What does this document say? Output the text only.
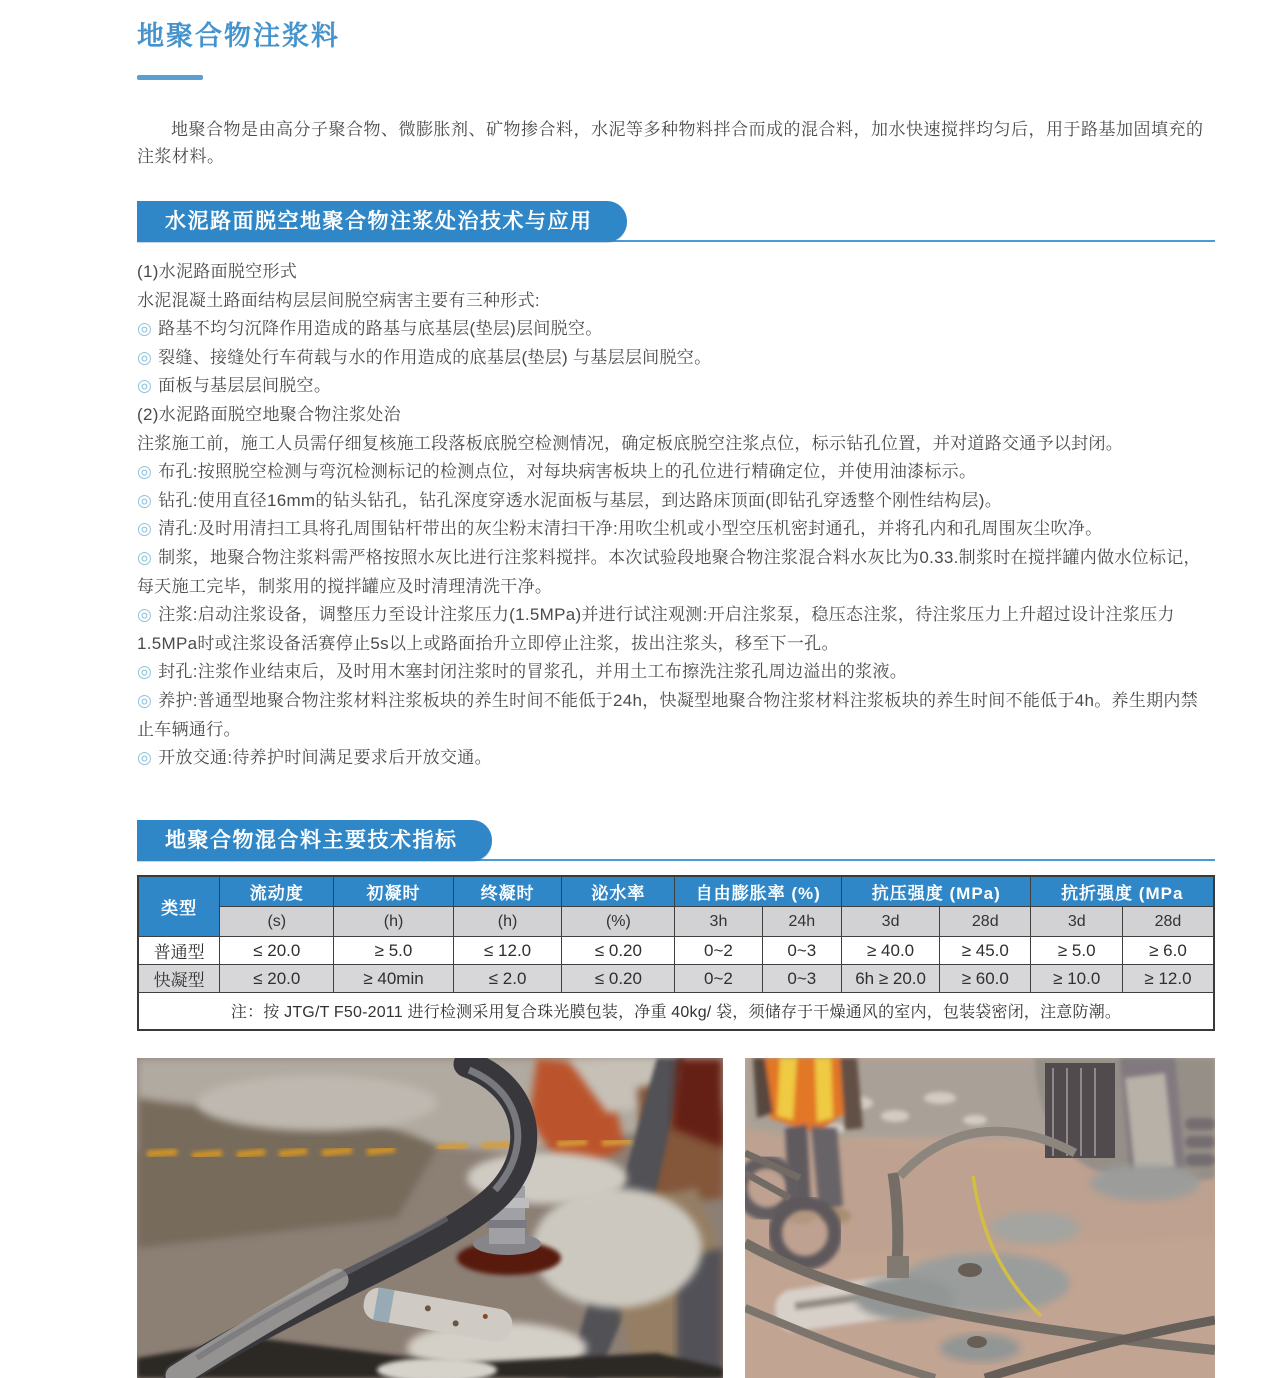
地聚合物注浆料
地聚合物是由高分子聚合物、微膨胀剂、矿物掺合料，水泥等多种物料拌合而成的混合料，加水快速搅拌均匀后，用于路基加固填充的注浆材料。
水泥路面脱空地聚合物注浆处治技术与应用
(1)水泥路面脱空形式
水泥混凝土路面结构层层间脱空病害主要有三种形式:
◎ 路基不均匀沉降作用造成的路基与底基层(垫层)层间脱空。
◎ 裂缝、接缝处行车荷载与水的作用造成的底基层(垫层) 与基层层间脱空。
◎ 面板与基层层间脱空。
(2)水泥路面脱空地聚合物注浆处治
注浆施工前，施工人员需仔细复核施工段落板底脱空检测情况，确定板底脱空注浆点位，标示钻孔位置，并对道路交通予以封闭。
◎ 布孔:按照脱空检测与弯沉检测标记的检测点位，对每块病害板块上的孔位进行精确定位，并使用油漆标示。
◎ 钻孔:使用直径16mm的钻头钻孔，钻孔深度穿透水泥面板与基层，到达路床顶面(即钻孔穿透整个刚性结构层)。
◎ 清孔:及时用清扫工具将孔周围钻杆带出的灰尘粉末清扫干净:用吹尘机或小型空压机密封通孔，并将孔内和孔周围灰尘吹净。
◎ 制浆，地聚合物注浆料需严格按照水灰比进行注浆料搅拌。本次试验段地聚合物注浆混合料水灰比为0.33.制浆时在搅拌罐内做水位标记，每天施工完毕，制浆用的搅拌罐应及时清理清洗干净。
◎ 注浆:启动注浆设备，调整压力至设计注浆压力(1.5MPa)并进行试注观测:开启注浆泵，稳压态注浆，待注浆压力上升超过设计注浆压力1.5MPa时或注浆设备活赛停止5s以上或路面抬升立即停止注浆，拔出注浆头，移至下一孔。
◎ 封孔:注浆作业结束后，及时用木塞封闭注浆时的冒浆孔，并用土工布擦洗注浆孔周边溢出的浆液。
◎ 养护:普通型地聚合物注浆材料注浆板块的养生时间不能低于24h，快凝型地聚合物注浆材料注浆板块的养生时间不能低于4h。养生期内禁止车辆通行。
◎ 开放交通:待养护时间满足要求后开放交通。
地聚合物混合料主要技术指标
类型	流动度	初凝时	终凝时	泌水率	自由膨胀率 (%)		抗压强度 (MPa)		抗折强度 (MPa	
	(s)	(h)	(h)	(%)	3h	24h	3d	28d	3d	28d
普通型	≤ 20.0	≥ 5.0	≤ 12.0	≤ 0.20	0~2	0~3	≥ 40.0	≥ 45.0	≥ 5.0	≥ 6.0
快凝型	≤ 20.0	≥ 40min	≤ 2.0	≤ 0.20	0~2	0~3	6h ≥ 20.0	≥ 60.0	≥ 10.0	≥ 12.0
注：按 JTG/T F50-2011 进行检测采用复合珠光膜包装，净重 40kg/ 袋，须储存于干燥通风的室内，包装袋密闭，注意防潮。										
